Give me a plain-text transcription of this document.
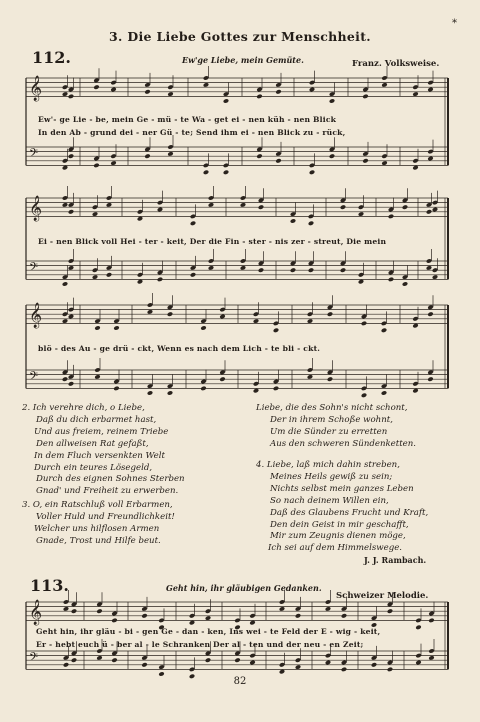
*
3. Die Liebe Gottes zur Menschheit.
112.	Ew'ge Liebe, mein Gemüte.	Franz. Volksweise.
𝄞
𝄢
𝄞
𝄢
𝄞
𝄢
𝄞
𝄢
Ew'- ge Lie - be, mein Ge - mü - te Wa - get ei - nen küh - nen Blick
In den Ab - grund dei - ner Gü - te; Send ihm ei - nen Blick zu - rück,
Ei - nen Blick voll Hei - ter - keit, Der die Fin - ster - nis zer - streut, Die mein
blö - des Au - ge drü - ckt, Wenn es nach dem Lich - te bli - ckt.
2. Ich verehre dich, o Liebe,
Daß du dich erbarmet hast,
Und aus freiem, reinem Triebe
Den allweisen Rat gefaßt,
In dem Fluch versenkten Welt
Durch ein teures Lösegeld,
Durch des eignen Sohnes Sterben
Gnad' und Freiheit zu erwerben.
3. O, ein Ratschluß voll Erbarmen,
Voller Huld und Freundlichkeit!
Welcher uns hilflosen Armen
Gnade, Trost und Hilfe beut.
Liebe, die des Sohn's nicht schont,
Der in ihrem Schoße wohnt,
Um die Sünder zu erretten
Aus den schweren Sündenketten.
4. Liebe, laß mich dahin streben,
Meines Heils gewiß zu sein;
Nichts selbst mein ganzes Leben
So nach deinem Willen ein,
Daß des Glaubens Frucht und Kraft,
Den dein Geist in mir geschafft,
Mir zum Zeugnis dienen möge,
Ich sei auf dem Himmelswege.
J. J. Rambach.
113.	Geht hin, ihr gläubigen Gedanken.
Schweizer Melodie.
Geht hin, ihr gläu - bi - gen Ge - dan - ken, Ins wei - te Feld der E - wig - keit,
Er - hebt euch ü - ber al - le Schranken Der al - ten und der neu - en Zeit;
82
